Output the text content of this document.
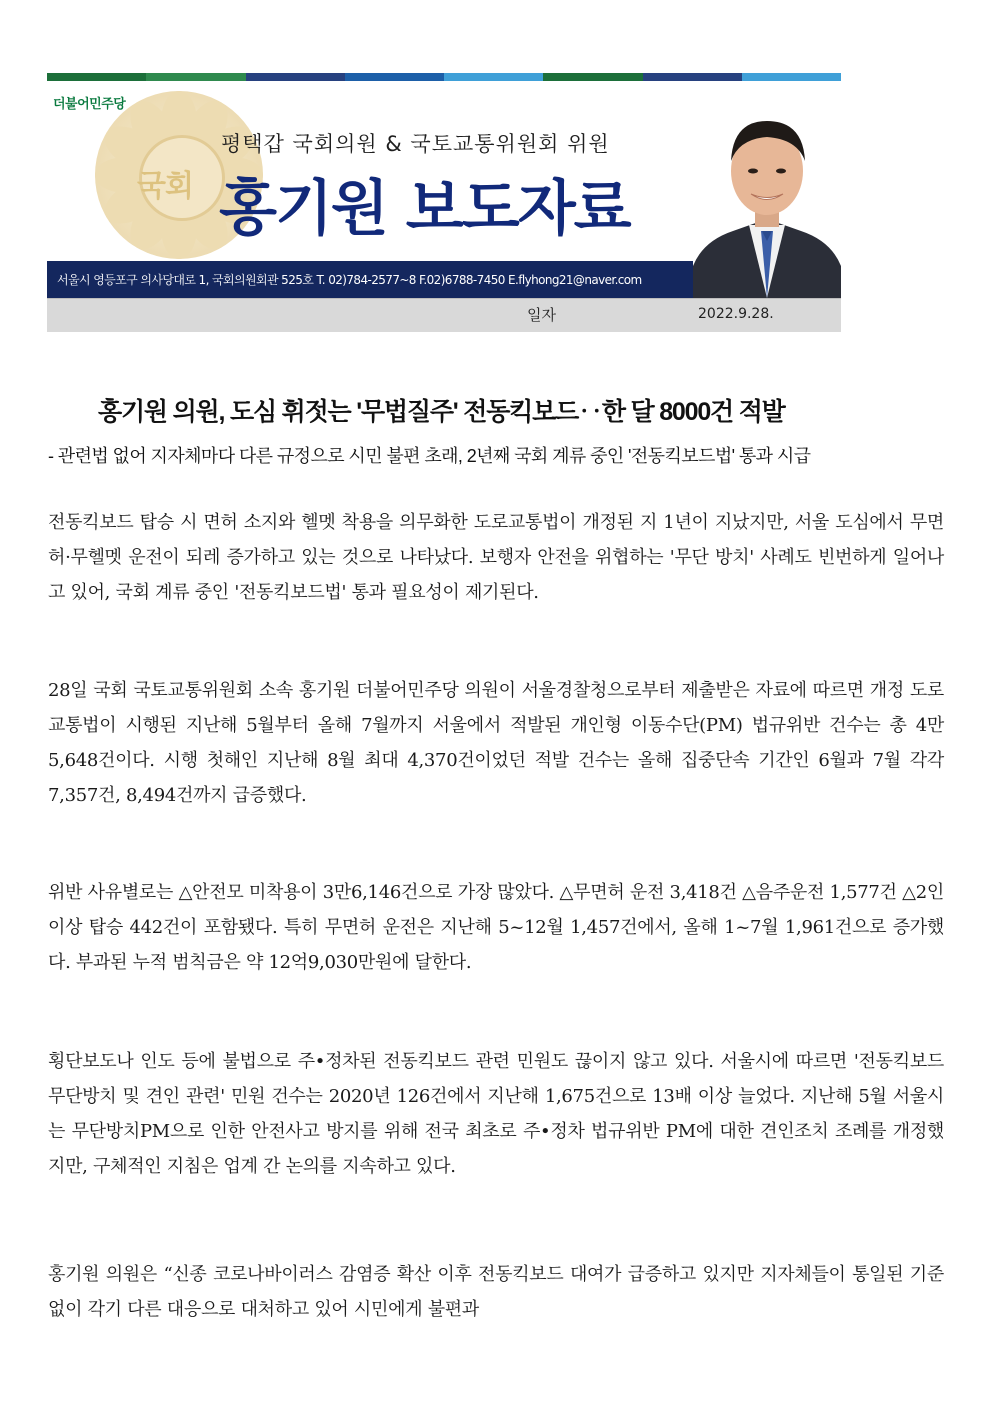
국회
더불어민주당
평택갑 국회의원 & 국토교통위원회 위원
홍기원 보도자료
서울시 영등포구 의사당대로 1, 국회의원회관 525호 T. 02)784-2577~8 F.02)6788-7450 E.flyhong21@naver.com
일자	2022.9.28.
홍기원 의원, 도심 휘젓는 '무법질주' 전동킥보드‥한 달 8000건 적발
- 관련법 없어 지자체마다 다른 규정으로 시민 불편 초래, 2년째 국회 계류 중인 '전동킥보드법' 통과 시급

전동킥보드 탑승 시 면허 소지와 헬멧 착용을 의무화한 도로교통법이 개정된 지 1년이 지났지만, 서울 도심에서 무면허·무헬멧 운전이 되레 증가하고 있는 것으로 나타났다. 보행자 안전을 위협하는 '무단 방치' 사례도 빈번하게 일어나고 있어, 국회 계류 중인 '전동킥보드법' 통과 필요성이 제기된다.

28일 국회 국토교통위원회 소속 홍기원 더불어민주당 의원이 서울경찰청으로부터 제출받은 자료에 따르면 개정 도로교통법이 시행된 지난해 5월부터 올해 7월까지 서울에서 적발된 개인형 이동수단(PM) 법규위반 건수는 총 4만5,648건이다. 시행 첫해인 지난해 8월 최대 4,370건이었던 적발 건수는 올해 집중단속 기간인 6월과 7월 각각 7,357건, 8,494건까지 급증했다.

위반 사유별로는 △안전모 미착용이 3만6,146건으로 가장 많았다. △무면허 운전 3,418건 △음주운전 1,577건 △2인 이상 탑승 442건이 포함됐다. 특히 무면허 운전은 지난해 5~12월 1,457건에서, 올해 1~7월 1,961건으로 증가했다. 부과된 누적 범칙금은 약 12억9,030만원에 달한다.

횡단보도나 인도 등에 불법으로 주•정차된 전동킥보드 관련 민원도 끊이지 않고 있다. 서울시에 따르면 '전동킥보드 무단방치 및 견인 관련' 민원 건수는 2020년 126건에서 지난해 1,675건으로 13배 이상 늘었다. 지난해 5월 서울시는 무단방치PM으로 인한 안전사고 방지를 위해 전국 최초로 주•정차 법규위반 PM에 대한 견인조치 조례를 개정했지만, 구체적인 지침은 업계 간 논의를 지속하고 있다.

홍기원 의원은 “신종 코로나바이러스 감염증 확산 이후 전동킥보드 대여가 급증하고 있지만 지자체들이 통일된 기준 없이 각기 다른 대응으로 대처하고 있어 시민에게 불편과
